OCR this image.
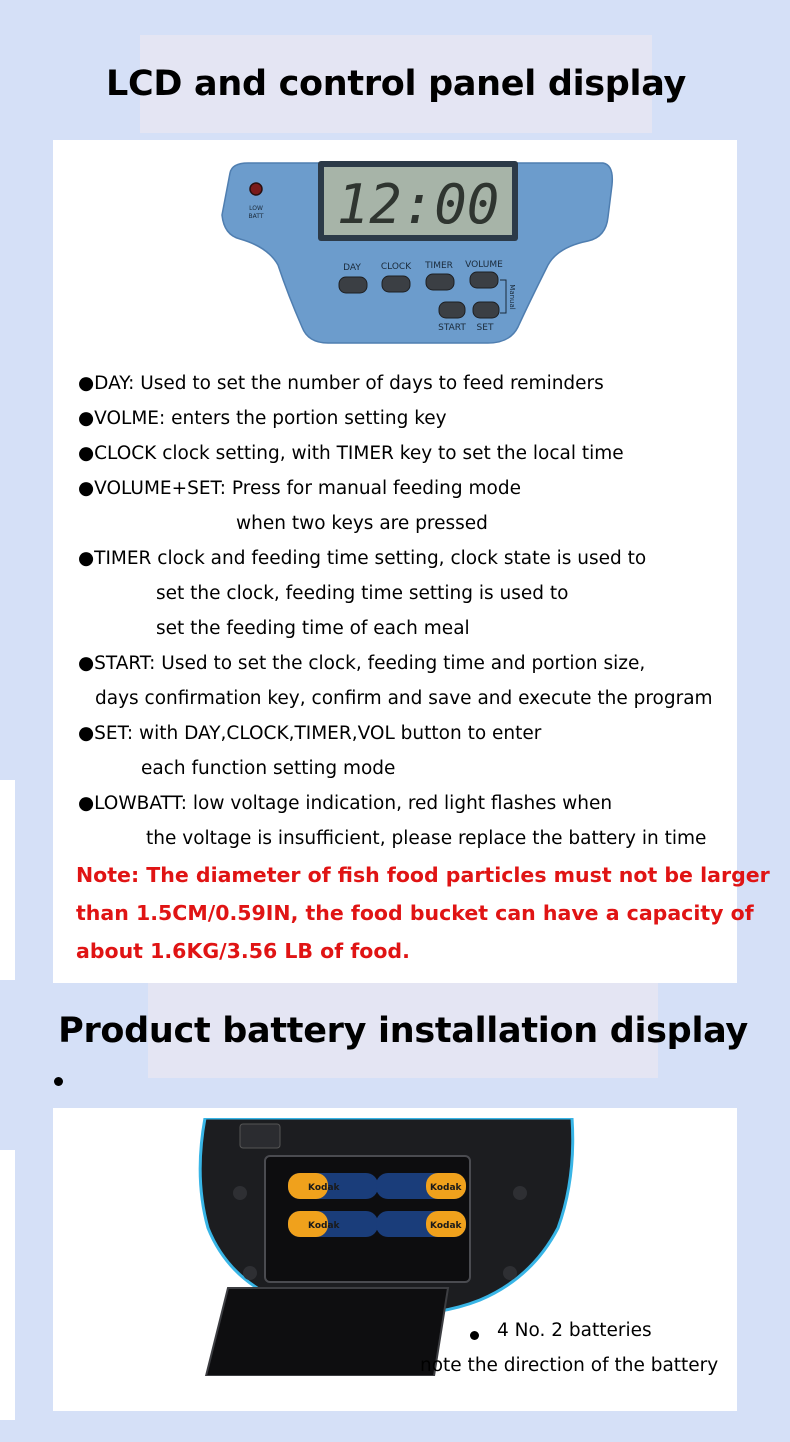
LCD and control panel display
12:00
LOW
BATT
DAY CLOCK TIMER VOLUME
START SET
Manual
●DAY: Used to set the number of days to feed reminders
●VOLME: enters the portion setting key
●CLOCK clock setting, with TIMER key to set the local time
●VOLUME+SET: Press for manual feeding mode
when two keys are pressed
●TIMER clock and feeding time setting, clock state is used to
set the clock, feeding time setting is used to
set the feeding time of each meal
●START: Used to set the clock, feeding time and portion size,
days confirmation key, confirm and save and execute the program
●SET: with DAY,CLOCK,TIMER,VOL button to enter
each function setting mode
●LOWBATT: low voltage indication, red light flashes when
the voltage is insufficient, please replace the battery in time
Note: The diameter of fish food particles must not be larger
than 1.5CM/0.59IN, the food bucket can have a capacity of
about 1.6KG/3.56 LB of food.
Product battery installation display
Kodak	Kodak
Kodak	Kodak
4 No. 2 batteries
note the direction of the battery
